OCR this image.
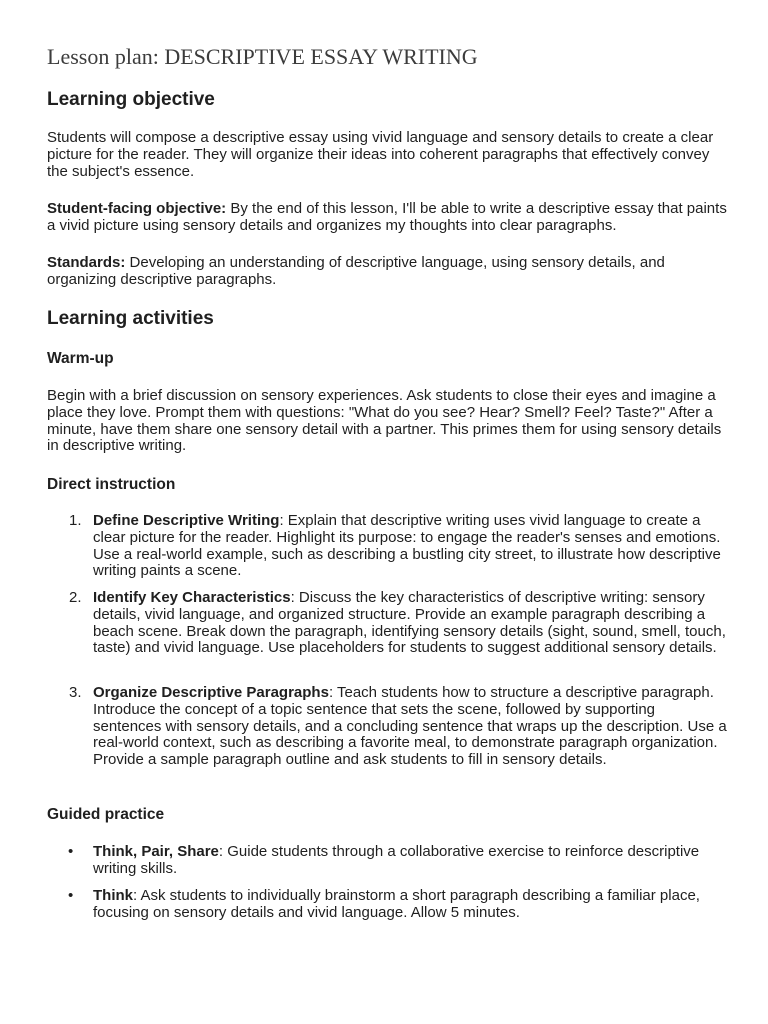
Lesson plan: DESCRIPTIVE ESSAY WRITING
Learning objective
Students will compose a descriptive essay using vivid language and sensory details to create a clear picture for the reader. They will organize their ideas into coherent paragraphs that effectively convey the subject's essence.
Student-facing objective: By the end of this lesson, I'll be able to write a descriptive essay that paints a vivid picture using sensory details and organizes my thoughts into clear paragraphs.
Standards: Developing an understanding of descriptive language, using sensory details, and organizing descriptive paragraphs.
Learning activities
Warm-up
Begin with a brief discussion on sensory experiences. Ask students to close their eyes and imagine a place they love. Prompt them with questions: "What do you see? Hear? Smell? Feel? Taste?" After a minute, have them share one sensory detail with a partner. This primes them for using sensory details in descriptive writing.
Direct instruction
1. Define Descriptive Writing: Explain that descriptive writing uses vivid language to create a clear picture for the reader. Highlight its purpose: to engage the reader's senses and emotions. Use a real-world example, such as describing a bustling city street, to illustrate how descriptive writing paints a scene.
2. Identify Key Characteristics: Discuss the key characteristics of descriptive writing: sensory details, vivid language, and organized structure. Provide an example paragraph describing a beach scene. Break down the paragraph, identifying sensory details (sight, sound, smell, touch, taste) and vivid language. Use placeholders for students to suggest additional sensory details.
3. Organize Descriptive Paragraphs: Teach students how to structure a descriptive paragraph. Introduce the concept of a topic sentence that sets the scene, followed by supporting sentences with sensory details, and a concluding sentence that wraps up the description. Use a real-world context, such as describing a favorite meal, to demonstrate paragraph organization. Provide a sample paragraph outline and ask students to fill in sensory details.
Guided practice
• Think, Pair, Share: Guide students through a collaborative exercise to reinforce descriptive writing skills.
• Think: Ask students to individually brainstorm a short paragraph describing a familiar place, focusing on sensory details and vivid language. Allow 5 minutes.
